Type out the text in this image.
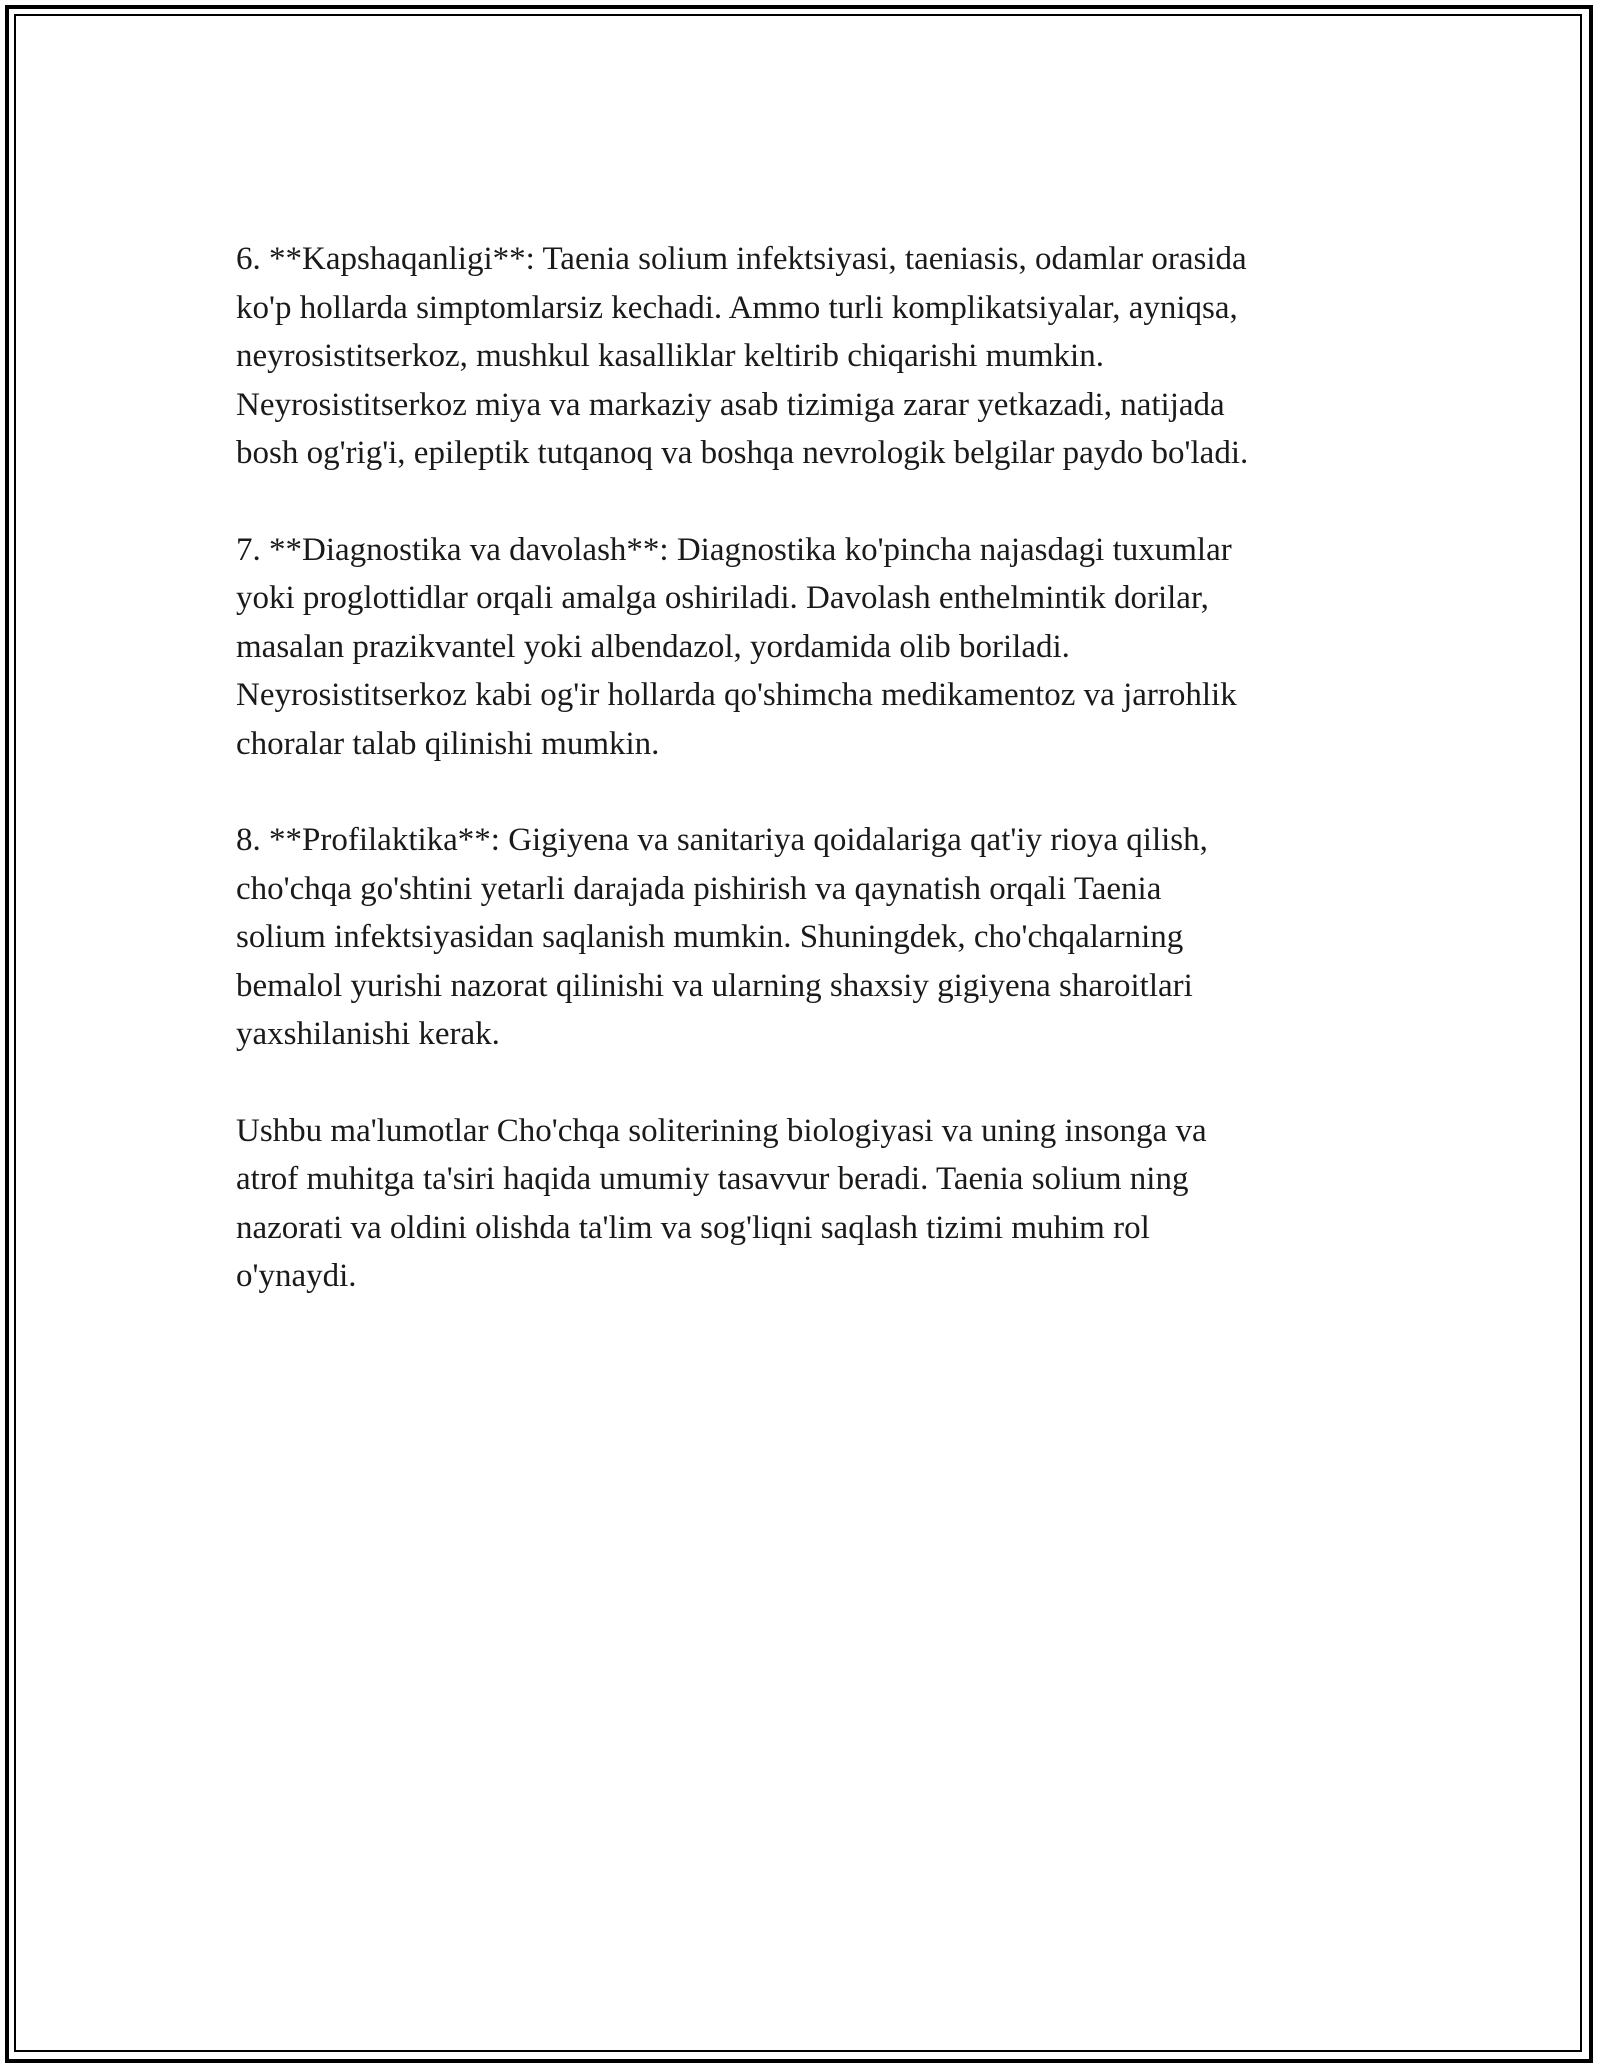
6. **Kapshaqanligi**: Taenia solium infektsiyasi, taeniasis, odamlar orasida
ko'p hollarda simptomlarsiz kechadi. Ammo turli komplikatsiyalar, ayniqsa,
neyrosistitserkoz, mushkul kasalliklar keltirib chiqarishi mumkin.
Neyrosistitserkoz miya va markaziy asab tizimiga zarar yetkazadi, natijada
bosh og'rig'i, epileptik tutqanoq va boshqa nevrologik belgilar paydo bo'ladi.

7. **Diagnostika va davolash**: Diagnostika ko'pincha najasdagi tuxumlar
yoki proglottidlar orqali amalga oshiriladi. Davolash enthelmintik dorilar,
masalan prazikvantel yoki albendazol, yordamida olib boriladi.
Neyrosistitserkoz kabi og'ir hollarda qo'shimcha medikamentoz va jarrohlik
choralar talab qilinishi mumkin.

8. **Profilaktika**: Gigiyena va sanitariya qoidalariga qat'iy rioya qilish,
cho'chqa go'shtini yetarli darajada pishirish va qaynatish orqali Taenia
solium infektsiyasidan saqlanish mumkin. Shuningdek, cho'chqalarning
bemalol yurishi nazorat qilinishi va ularning shaxsiy gigiyena sharoitlari
yaxshilanishi kerak.

Ushbu ma'lumotlar Cho'chqa soliterining biologiyasi va uning insonga va
atrof muhitga ta'siri haqida umumiy tasavvur beradi. Taenia solium ning
nazorati va oldini olishda ta'lim va sog'liqni saqlash tizimi muhim rol
o'ynaydi.
